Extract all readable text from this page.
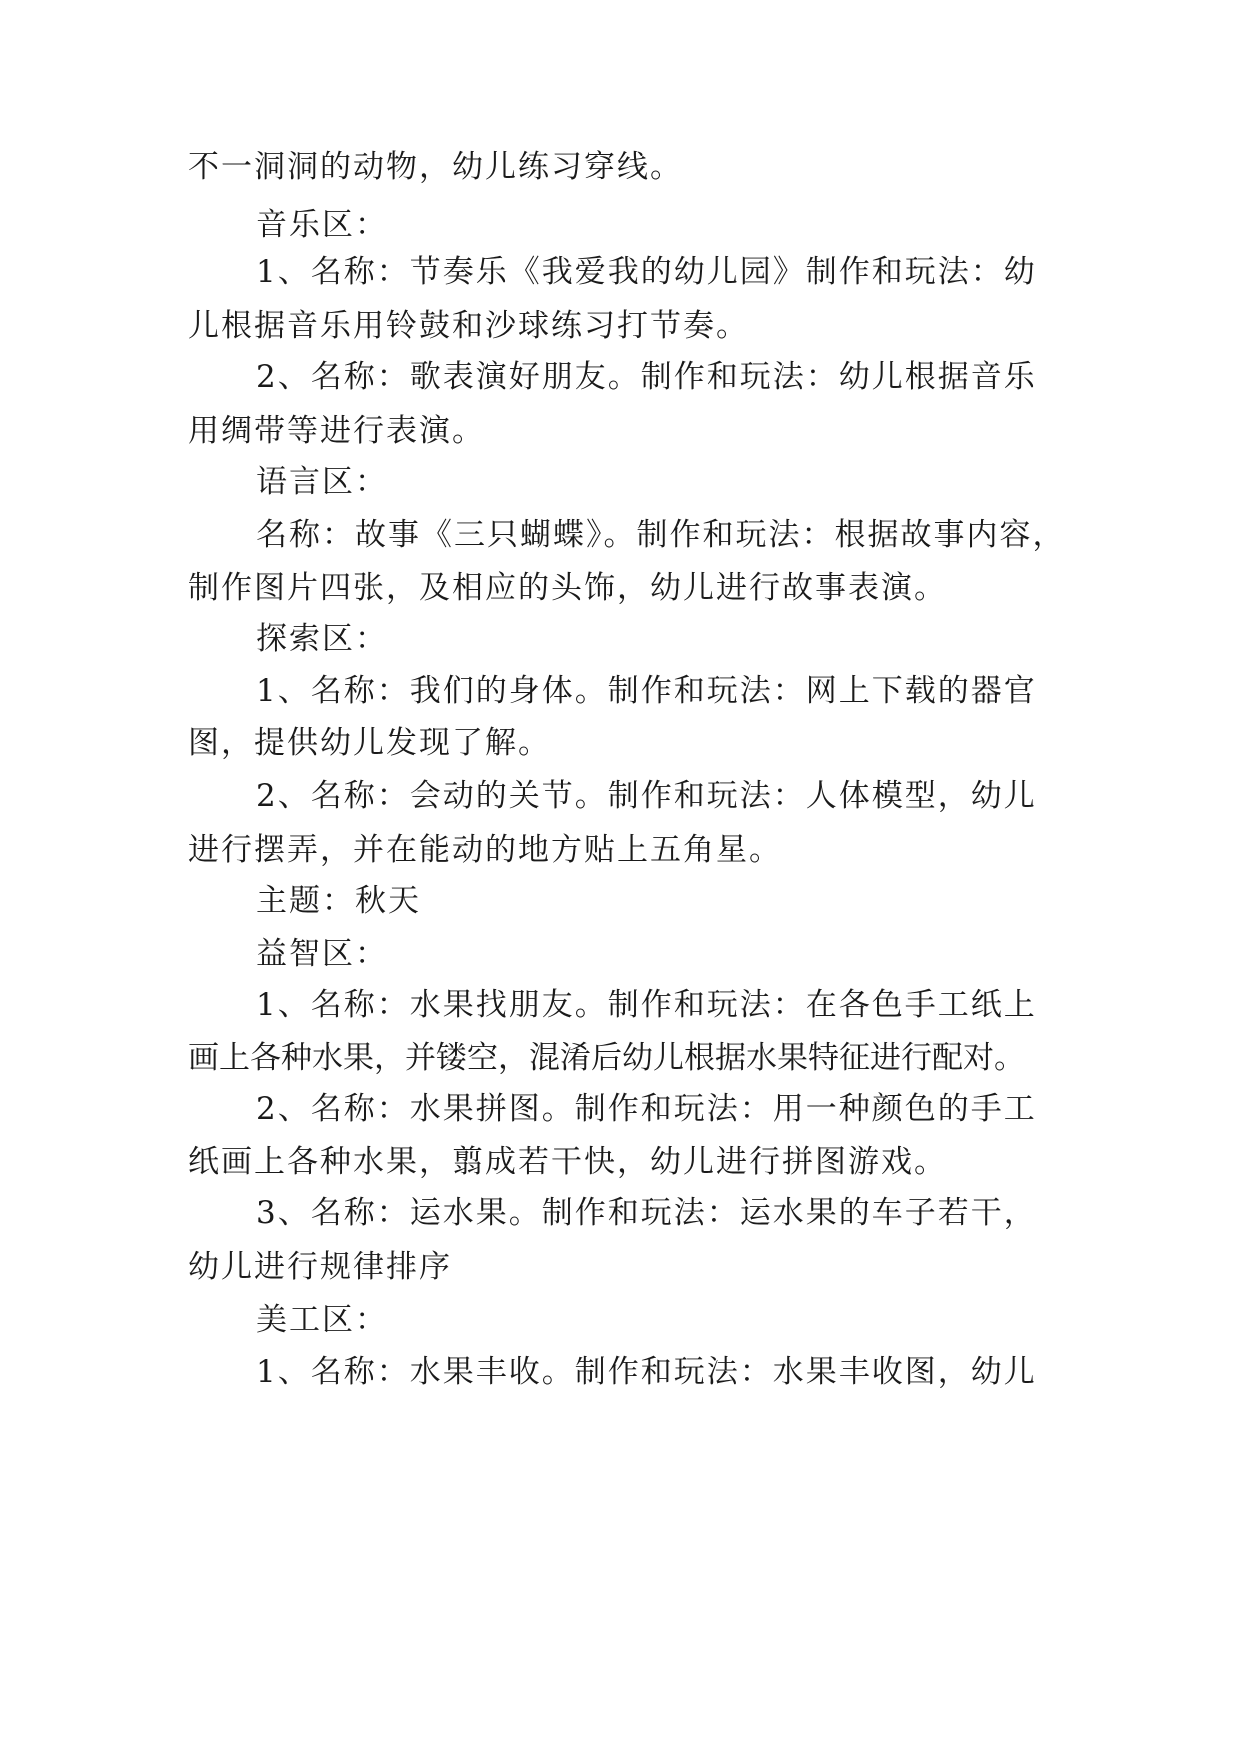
不一洞洞的动物，幼儿练习穿线。
音乐区：
1、名称：节奏乐《我爱我的幼儿园》制作和玩法：幼
儿根据音乐用铃鼓和沙球练习打节奏。
2、名称：歌表演好朋友。制作和玩法：幼儿根据音乐
用绸带等进行表演。
语言区：
名称：故事《三只蝴蝶》。制作和玩法：根据故事内容，
制作图片四张，及相应的头饰，幼儿进行故事表演。
探索区：
1、名称：我们的身体。制作和玩法：网上下载的器官
图，提供幼儿发现了解。
2、名称：会动的关节。制作和玩法：人体模型，幼儿
进行摆弄，并在能动的地方贴上五角星。
主题：秋天
益智区：
1、名称：水果找朋友。制作和玩法：在各色手工纸上
画上各种水果，并镂空，混淆后幼儿根据水果特征进行配对。
2、名称：水果拼图。制作和玩法：用一种颜色的手工
纸画上各种水果，翦成若干快，幼儿进行拼图游戏。
3、名称：运水果。制作和玩法：运水果的车子若干，
幼儿进行规律排序
美工区：
1、名称：水果丰收。制作和玩法：水果丰收图，幼儿
